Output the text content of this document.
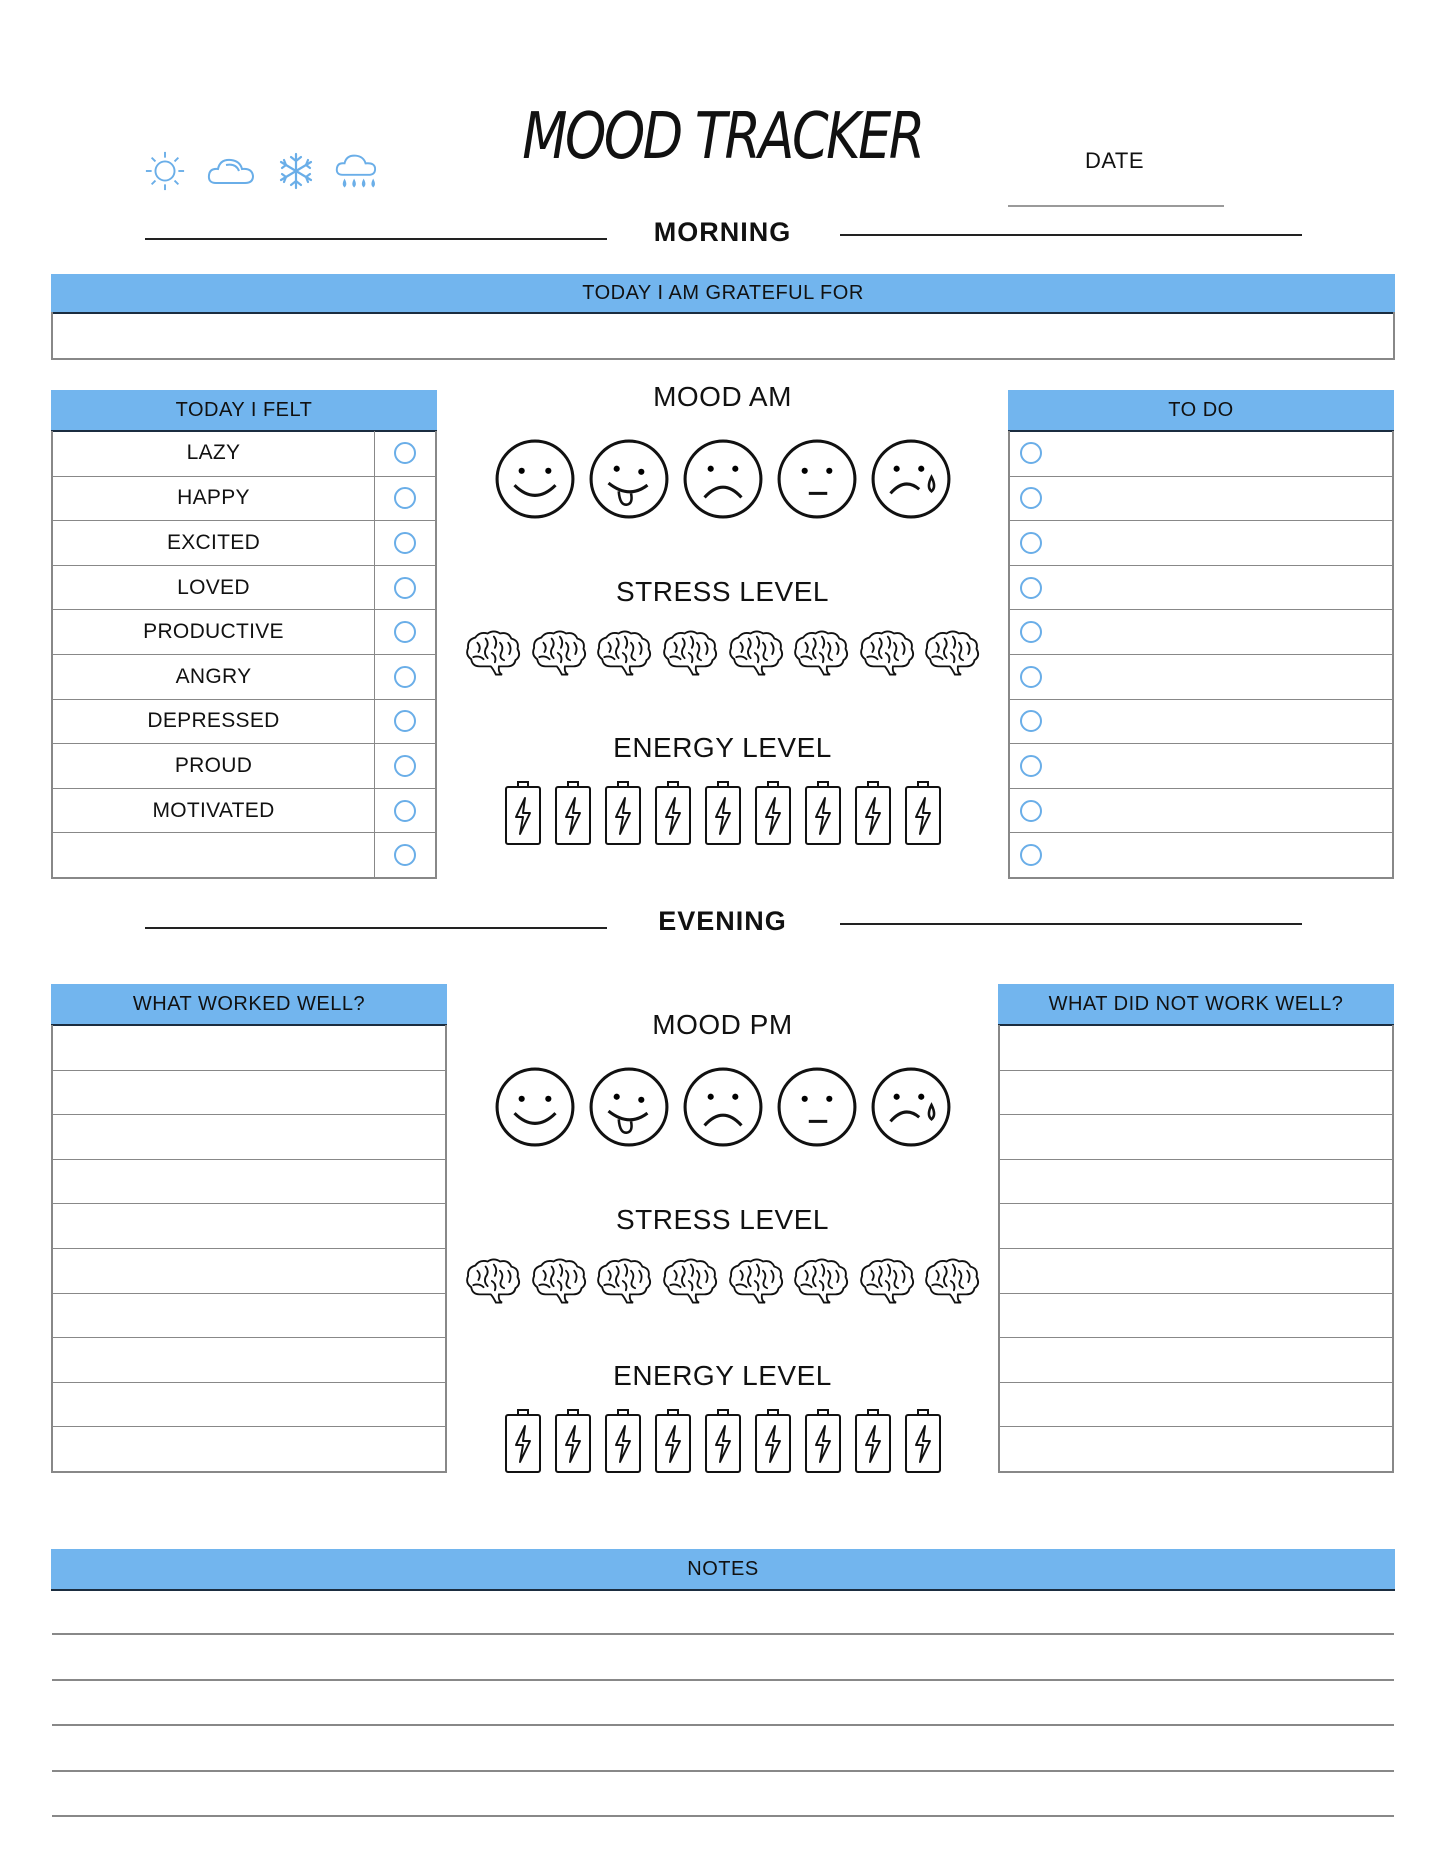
MOOD TRACKER	DATE
MORNING
TODAY I AM GRATEFUL FOR
TODAY I FELT
LAZY
HAPPY
EXCITED
LOVED
PRODUCTIVE
ANGRY
DEPRESSED
PROUD
MOTIVATED
TO DO
MOOD AM
STRESS LEVEL
ENERGY LEVEL
EVENING
WHAT WORKED WELL?	WHAT DID NOT WORK WELL?
MOOD PM
STRESS LEVEL
ENERGY LEVEL
NOTES
